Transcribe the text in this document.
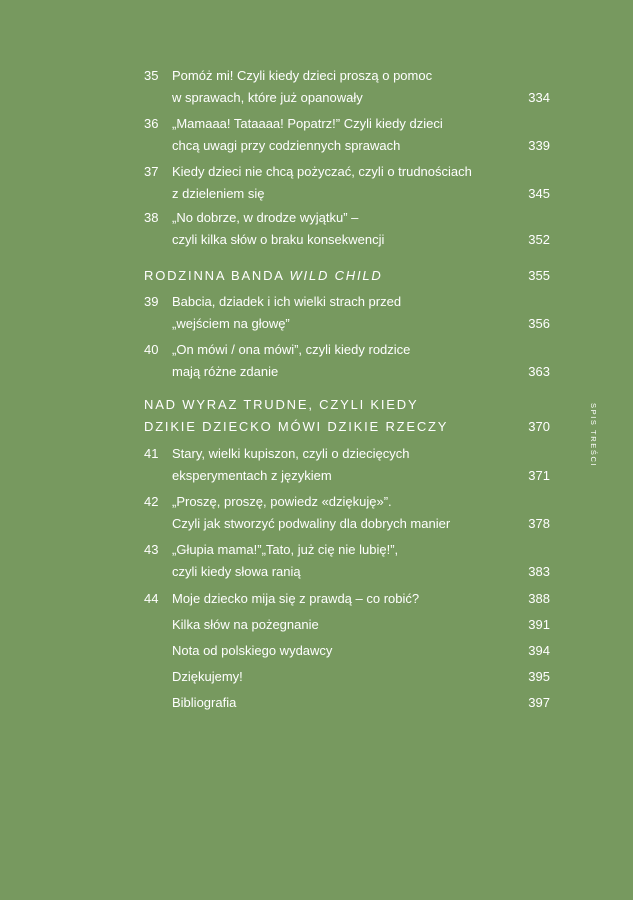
35 Pomóż mi! Czyli kiedy dzieci proszą o pomoc
w sprawach, które już opanowały	334
36 „Mamaaa! Tataaaa! Popatrz!” Czyli kiedy dzieci
chcą uwagi przy codziennych sprawach	339
37 Kiedy dzieci nie chcą pożyczać, czyli o trudnościach
z dzieleniem się	345
38 „No dobrze, w drodze wyjątku” –
czyli kilka słów o braku konsekwencji	352
RODZINNA BANDA WILD CHILD	355
39 Babcia, dziadek i ich wielki strach przed
„wejściem na głowę”	356
40 „On mówi / ona mówi”, czyli kiedy rodzice
mają różne zdanie	363
NAD WYRAZ TRUDNE, CZYLI KIEDY
DZIKIE DZIECKO MÓWI DZIKIE RZECZY	370
41 Stary, wielki kupiszon, czyli o dziecięcych
eksperymentach z językiem	371
42 „Proszę, proszę, powiedz «dziękuję»”.
Czyli jak stworzyć podwaliny dla dobrych manier	378
43 „Głupia mama!”„Tato, już cię nie lubię!”,
czyli kiedy słowa ranią	383
44 Moje dziecko mija się z prawdą – co robić?	388
Kilka słów na pożegnanie	391
Nota od polskiego wydawcy	394
Dziękujemy!	395
Bibliografia	397
SPIS TREŚCI
